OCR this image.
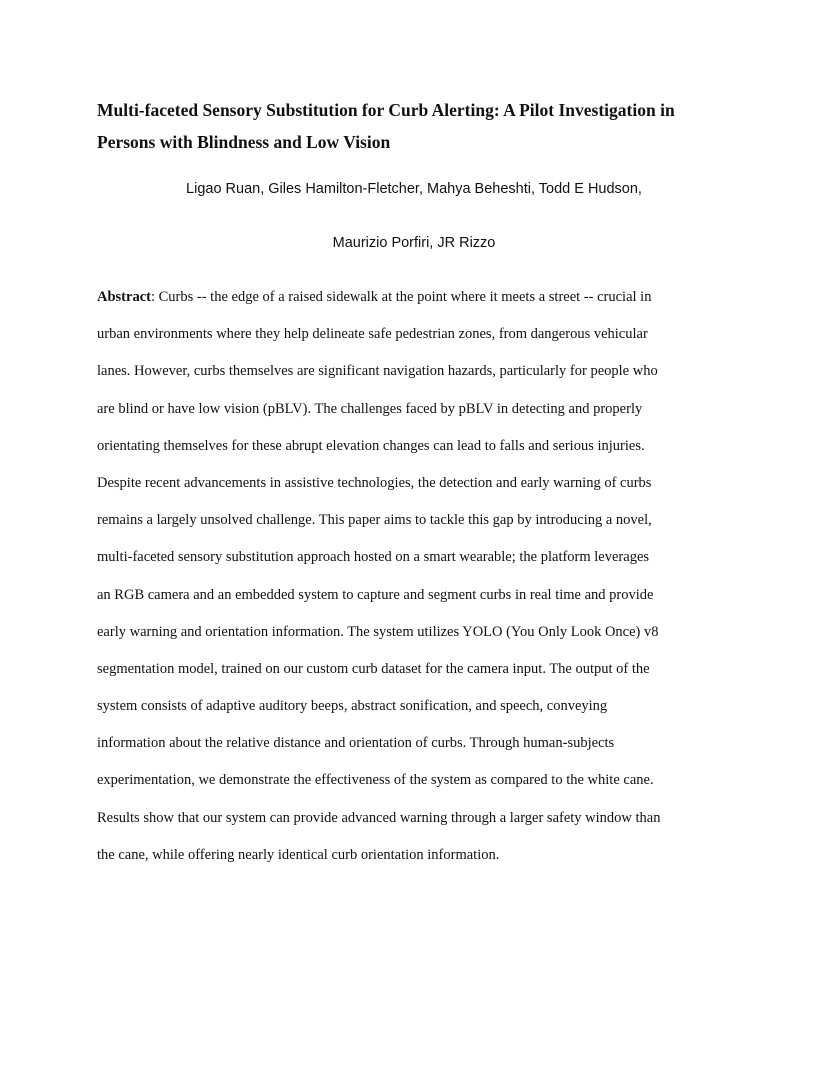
Multi-faceted Sensory Substitution for Curb Alerting: A Pilot Investigation in
Persons with Blindness and Low Vision

Ligao Ruan, Giles Hamilton-Fletcher, Mahya Beheshti, Todd E Hudson,

Maurizio Porfiri, JR Rizzo

Abstract: Curbs -- the edge of a raised sidewalk at the point where it meets a street -- crucial in
urban environments where they help delineate safe pedestrian zones, from dangerous vehicular
lanes. However, curbs themselves are significant navigation hazards, particularly for people who
are blind or have low vision (pBLV). The challenges faced by pBLV in detecting and properly
orientating themselves for these abrupt elevation changes can lead to falls and serious injuries.
Despite recent advancements in assistive technologies, the detection and early warning of curbs
remains a largely unsolved challenge. This paper aims to tackle this gap by introducing a novel,
multi-faceted sensory substitution approach hosted on a smart wearable; the platform leverages
an RGB camera and an embedded system to capture and segment curbs in real time and provide
early warning and orientation information. The system utilizes YOLO (You Only Look Once) v8
segmentation model, trained on our custom curb dataset for the camera input. The output of the
system consists of adaptive auditory beeps, abstract sonification, and speech, conveying
information about the relative distance and orientation of curbs. Through human-subjects
experimentation, we demonstrate the effectiveness of the system as compared to the white cane.
Results show that our system can provide advanced warning through a larger safety window than
the cane, while offering nearly identical curb orientation information.
